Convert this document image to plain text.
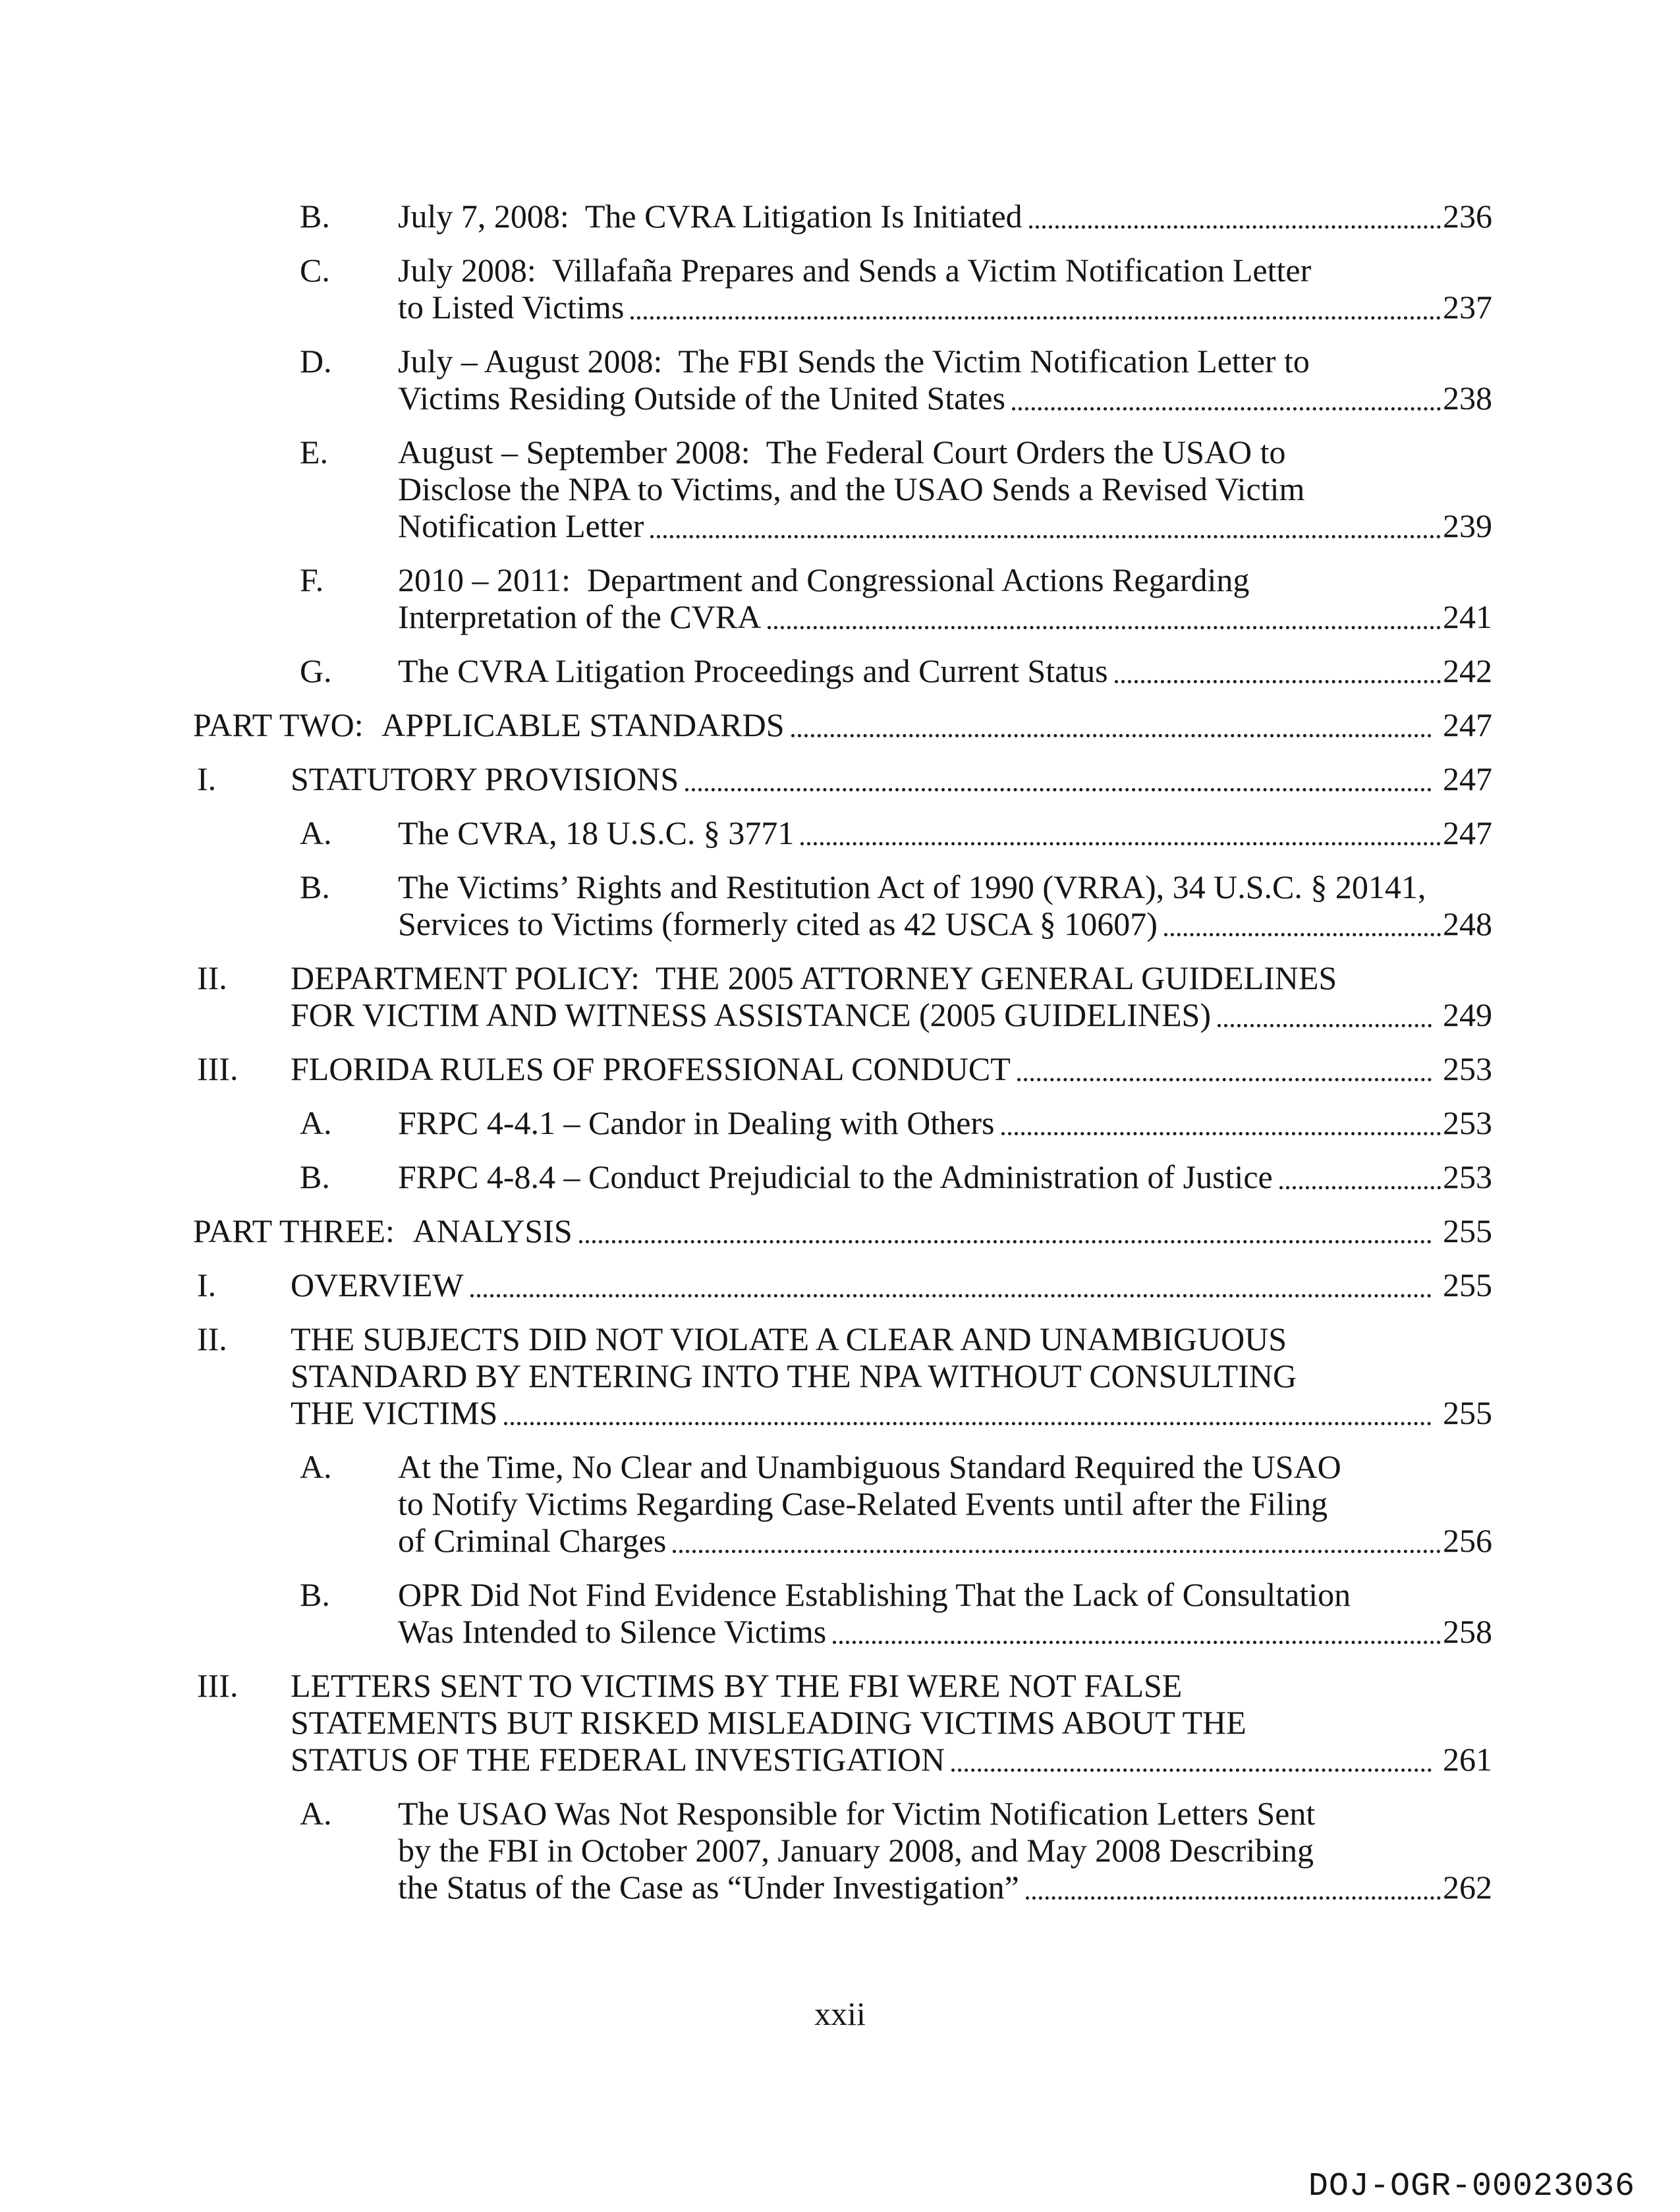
B. July 7, 2008:  The CVRA Litigation Is Initiated	236
C. July 2008:  Villafaña Prepares and Sends a Victim Notification Letter
to Listed Victims	237
D. July – August 2008:  The FBI Sends the Victim Notification Letter to
Victims Residing Outside of the United States	238
E. August – September 2008:  The Federal Court Orders the USAO to
Disclose the NPA to Victims, and the USAO Sends a Revised Victim
Notification Letter	239
F. 2010 – 2011:  Department and Congressional Actions Regarding
Interpretation of the CVRA	241
G. The CVRA Litigation Proceedings and Current Status	242
PART TWO: APPLICABLE STANDARDS	247
I. STATUTORY PROVISIONS	247
A. The CVRA, 18 U.S.C. § 3771	247
B. The Victims’ Rights and Restitution Act of 1990 (VRRA), 34 U.S.C. § 20141,
Services to Victims (formerly cited as 42 USCA § 10607)	248
II. DEPARTMENT POLICY:  THE 2005 ATTORNEY GENERAL GUIDELINES
FOR VICTIM AND WITNESS ASSISTANCE (2005 GUIDELINES)	249
III. FLORIDA RULES OF PROFESSIONAL CONDUCT	253
A. FRPC 4-4.1 – Candor in Dealing with Others	253
B. FRPC 4-8.4 – Conduct Prejudicial to the Administration of Justice	253
PART THREE: ANALYSIS	255
I. OVERVIEW	255
II. THE SUBJECTS DID NOT VIOLATE A CLEAR AND UNAMBIGUOUS
STANDARD BY ENTERING INTO THE NPA WITHOUT CONSULTING
THE VICTIMS	255
A. At the Time, No Clear and Unambiguous Standard Required the USAO
to Notify Victims Regarding Case-Related Events until after the Filing
of Criminal Charges	256
B. OPR Did Not Find Evidence Establishing That the Lack of Consultation
Was Intended to Silence Victims	258
III. LETTERS SENT TO VICTIMS BY THE FBI WERE NOT FALSE
STATEMENTS BUT RISKED MISLEADING VICTIMS ABOUT THE
STATUS OF THE FEDERAL INVESTIGATION	261
A. The USAO Was Not Responsible for Victim Notification Letters Sent
by the FBI in October 2007, January 2008, and May 2008 Describing
the Status of the Case as “Under Investigation”	262
xxii
DOJ-OGR-00023036
